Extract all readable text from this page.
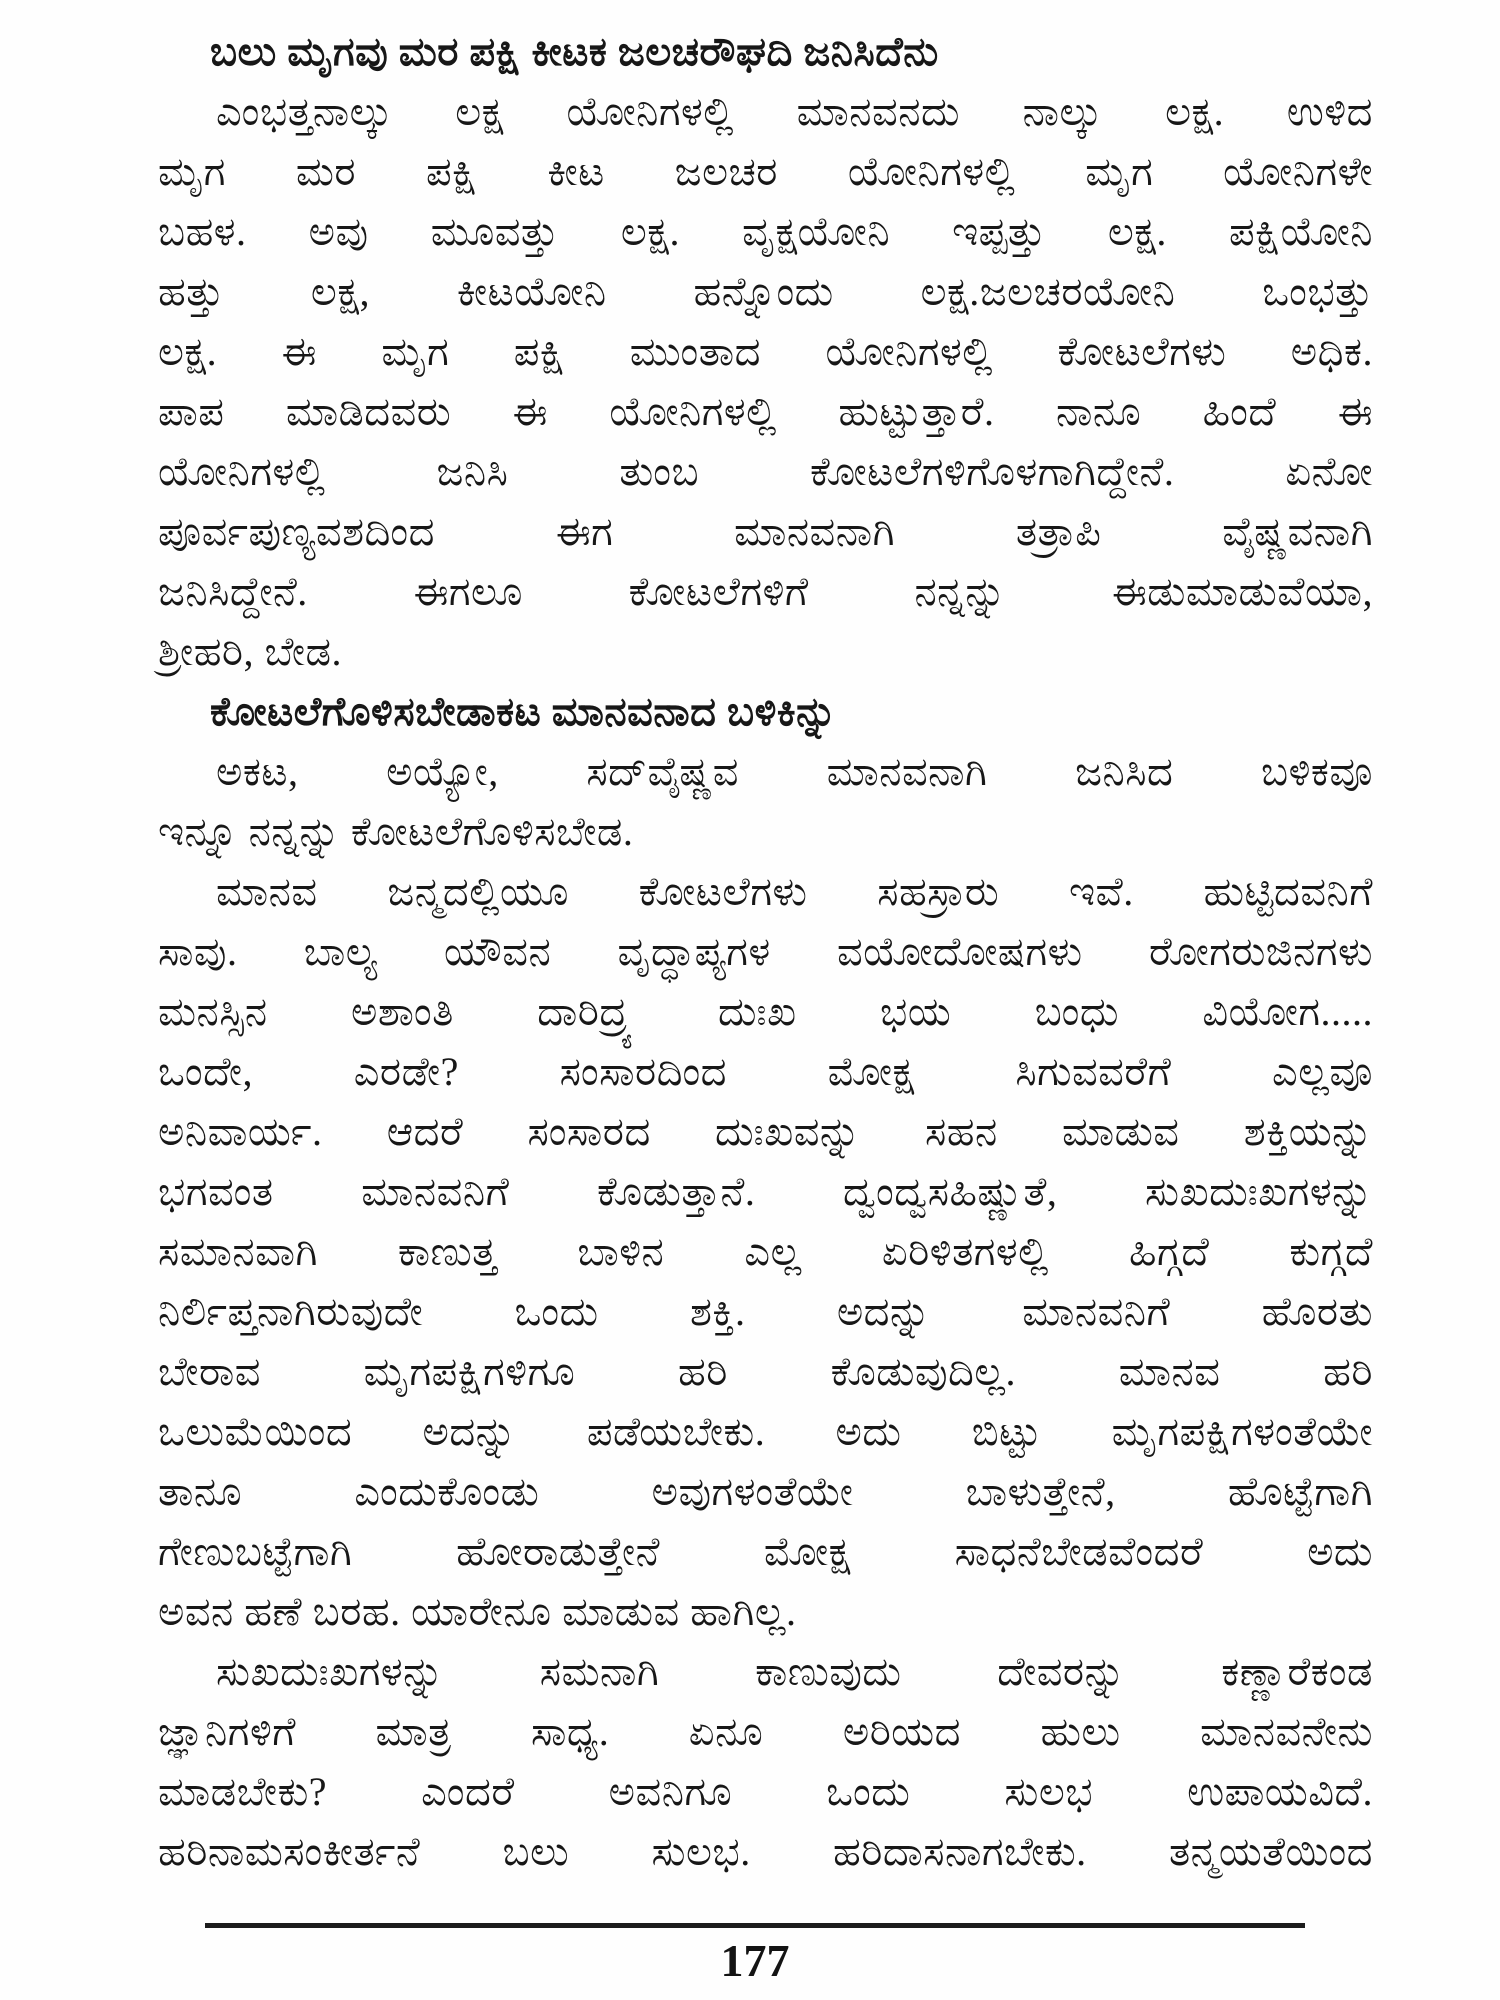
ಬಲು ಮೃಗವು ಮರ ಪಕ್ಷಿ ಕೀಟಕ ಜಲಚರೌಘದಿ ಜನಿಸಿದೆನು
ಎಂಭತ್ತನಾಲ್ಕು ಲಕ್ಷ ಯೋನಿಗಳಲ್ಲಿ ಮಾನವನದು ನಾಲ್ಕು ಲಕ್ಷ. ಉಳಿದ
ಮೃಗ ಮರ ಪಕ್ಷಿ ಕೀಟ ಜಲಚರ ಯೋನಿಗಳಲ್ಲಿ ಮೃಗ ಯೋನಿಗಳೇ
ಬಹಳ. ಅವು ಮೂವತ್ತು ಲಕ್ಷ. ವೃಕ್ಷಯೋನಿ ಇಪ್ಪತ್ತು ಲಕ್ಷ. ಪಕ್ಷಿಯೋನಿ
ಹತ್ತು ಲಕ್ಷ, ಕೀಟಯೋನಿ ಹನ್ನೊಂದು ಲಕ್ಷ.ಜಲಚರಯೋನಿ ಒಂಭತ್ತು
ಲಕ್ಷ. ಈ ಮೃಗ ಪಕ್ಷಿ ಮುಂತಾದ ಯೋನಿಗಳಲ್ಲಿ ಕೋಟಲೆಗಳು ಅಧಿಕ.
ಪಾಪ ಮಾಡಿದವರು ಈ ಯೋನಿಗಳಲ್ಲಿ ಹುಟ್ಟುತ್ತಾರೆ. ನಾನೂ ಹಿಂದೆ ಈ
ಯೋನಿಗಳಲ್ಲಿ ಜನಿಸಿ ತುಂಬ ಕೋಟಲೆಗಳಿಗೊಳಗಾಗಿದ್ದೇನೆ. ಏನೋ
ಪೂರ್ವಪುಣ್ಯವಶದಿಂದ ಈಗ ಮಾನವನಾಗಿ ತತ್ರಾಪಿ ವೈಷ್ಣವನಾಗಿ
ಜನಿಸಿದ್ದೇನೆ. ಈಗಲೂ ಕೋಟಲೆಗಳಿಗೆ ನನ್ನನ್ನು ಈಡುಮಾಡುವೆಯಾ,
ಶ್ರೀಹರಿ, ಬೇಡ.
ಕೋಟಲೆಗೊಳಿಸಬೇಡಾಕಟ ಮಾನವನಾದ ಬಳಿಕಿನ್ನು
ಅಕಟ, ಅಯ್ಯೋ, ಸದ್‌ವೈಷ್ಣವ ಮಾನವನಾಗಿ ಜನಿಸಿದ ಬಳಿಕವೂ
ಇನ್ನೂ ನನ್ನನ್ನು ಕೋಟಲೆಗೊಳಿಸಬೇಡ.
ಮಾನವ ಜನ್ಮದಲ್ಲಿಯೂ ಕೋಟಲೆಗಳು ಸಹಸ್ರಾರು ಇವೆ. ಹುಟ್ಟಿದವನಿಗೆ
ಸಾವು. ಬಾಲ್ಯ ಯೌವನ ವೃದ್ಧಾಪ್ಯಗಳ ವಯೋದೋಷಗಳು ರೋಗರುಜಿನಗಳು
ಮನಸ್ಸಿನ ಅಶಾಂತಿ ದಾರಿದ್ರ್ಯ ದುಃಖ ಭಯ ಬಂಧು ವಿಯೋಗ.....
ಒಂದೇ, ಎರಡೇ? ಸಂಸಾರದಿಂದ ಮೋಕ್ಷ ಸಿಗುವವರೆಗೆ ಎಲ್ಲವೂ
ಅನಿವಾರ್ಯ. ಆದರೆ ಸಂಸಾರದ ದುಃಖವನ್ನು ಸಹನ ಮಾಡುವ ಶಕ್ತಿಯನ್ನು
ಭಗವಂತ ಮಾನವನಿಗೆ ಕೊಡುತ್ತಾನೆ. ದ್ವಂದ್ವಸಹಿಷ್ಣುತೆ, ಸುಖದುಃಖಗಳನ್ನು
ಸಮಾನವಾಗಿ ಕಾಣುತ್ತ ಬಾಳಿನ ಎಲ್ಲ ಏರಿಳಿತಗಳಲ್ಲಿ ಹಿಗ್ಗದೆ ಕುಗ್ಗದೆ
ನಿರ್ಲಿಪ್ತನಾಗಿರುವುದೇ ಒಂದು ಶಕ್ತಿ. ಅದನ್ನು ಮಾನವನಿಗೆ ಹೊರತು
ಬೇರಾವ ಮೃಗಪಕ್ಷಿಗಳಿಗೂ ಹರಿ ಕೊಡುವುದಿಲ್ಲ. ಮಾನವ ಹರಿ
ಒಲುಮೆಯಿಂದ ಅದನ್ನು ಪಡೆಯಬೇಕು. ಅದು ಬಿಟ್ಟು ಮೃಗಪಕ್ಷಿಗಳಂತೆಯೇ
ತಾನೂ ಎಂದುಕೊಂಡು ಅವುಗಳಂತೆಯೇ ಬಾಳುತ್ತೇನೆ, ಹೊಟ್ಟೆಗಾಗಿ
ಗೇಣುಬಟ್ಟೆಗಾಗಿ ಹೋರಾಡುತ್ತೇನೆ ಮೋಕ್ಷ ಸಾಧನೆಬೇಡವೆಂದರೆ ಅದು
ಅವನ ಹಣೆ ಬರಹ. ಯಾರೇನೂ ಮಾಡುವ ಹಾಗಿಲ್ಲ.
ಸುಖದುಃಖಗಳನ್ನು ಸಮನಾಗಿ ಕಾಣುವುದು ದೇವರನ್ನು ಕಣ್ಣಾರೆಕಂಡ
ಜ್ಞಾನಿಗಳಿಗೆ ಮಾತ್ರ ಸಾಧ್ಯ. ಏನೂ ಅರಿಯದ ಹುಲು ಮಾನವನೇನು
ಮಾಡಬೇಕು? ಎಂದರೆ ಅವನಿಗೂ ಒಂದು ಸುಲಭ ಉಪಾಯವಿದೆ.
ಹರಿನಾಮಸಂಕೀರ್ತನೆ ಬಲು ಸುಲಭ. ಹರಿದಾಸನಾಗಬೇಕು. ತನ್ಮಯತೆಯಿಂದ
177
